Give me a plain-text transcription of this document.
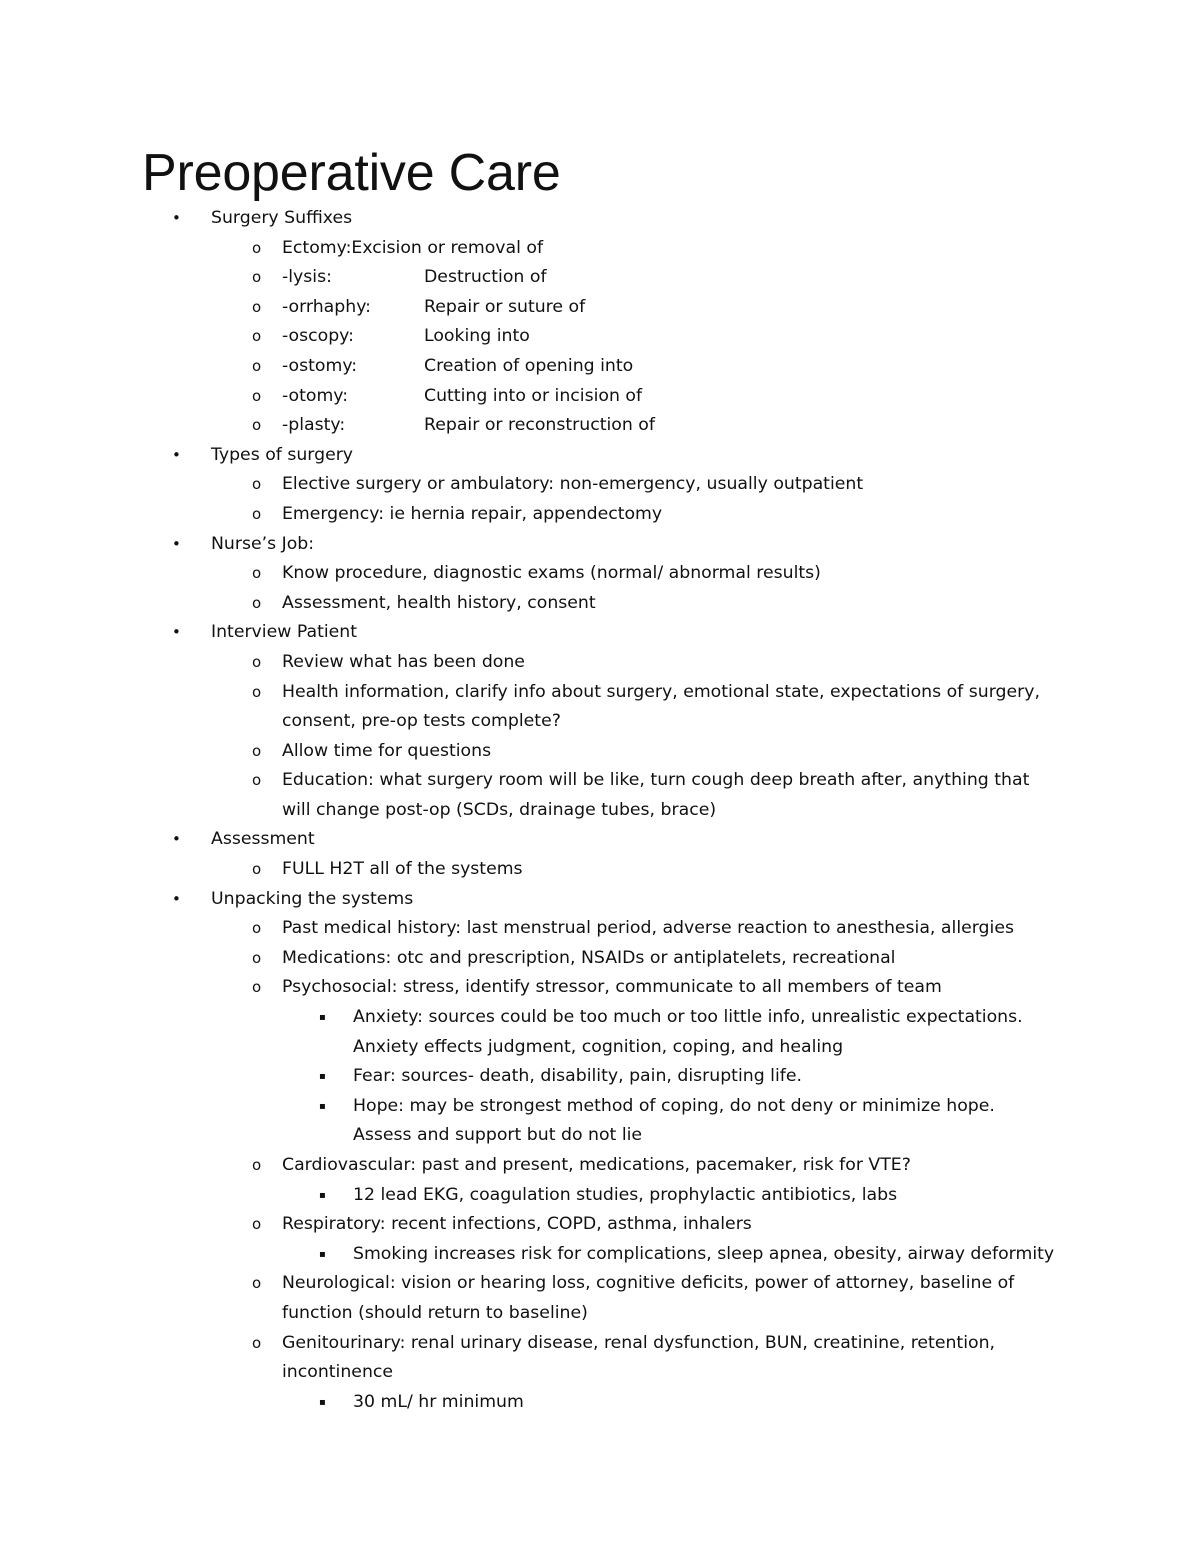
Preoperative Care
• Surgery Suffixes
o Ectomy:Excision or removal of
o -lysis:	Destruction of
o -orrhaphy:	Repair or suture of
o -oscopy:	Looking into
o -ostomy:	Creation of opening into
o -otomy:	Cutting into or incision of
o -plasty:	Repair or reconstruction of
• Types of surgery
o Elective surgery or ambulatory: non-emergency, usually outpatient
o Emergency: ie hernia repair, appendectomy
• Nurse’s Job:
o Know procedure, diagnostic exams (normal/ abnormal results)
o Assessment, health history, consent
• Interview Patient
o Review what has been done
o Health information, clarify info about surgery, emotional state, expectations of surgery,
consent, pre-op tests complete?
o Allow time for questions
o Education: what surgery room will be like, turn cough deep breath after, anything that
will change post-op (SCDs, drainage tubes, brace)
• Assessment
o FULL H2T all of the systems
• Unpacking the systems
o Past medical history: last menstrual period, adverse reaction to anesthesia, allergies
o Medications: otc and prescription, NSAIDs or antiplatelets, recreational
o Psychosocial: stress, identify stressor, communicate to all members of team
▪ Anxiety: sources could be too much or too little info, unrealistic expectations.
Anxiety effects judgment, cognition, coping, and healing
▪ Fear: sources- death, disability, pain, disrupting life.
▪ Hope: may be strongest method of coping, do not deny or minimize hope.
Assess and support but do not lie
o Cardiovascular: past and present, medications, pacemaker, risk for VTE?
▪ 12 lead EKG, coagulation studies, prophylactic antibiotics, labs
o Respiratory: recent infections, COPD, asthma, inhalers
▪ Smoking increases risk for complications, sleep apnea, obesity, airway deformity
o Neurological: vision or hearing loss, cognitive deficits, power of attorney, baseline of
function (should return to baseline)
o Genitourinary: renal urinary disease, renal dysfunction, BUN, creatinine, retention,
incontinence
▪ 30 mL/ hr minimum
